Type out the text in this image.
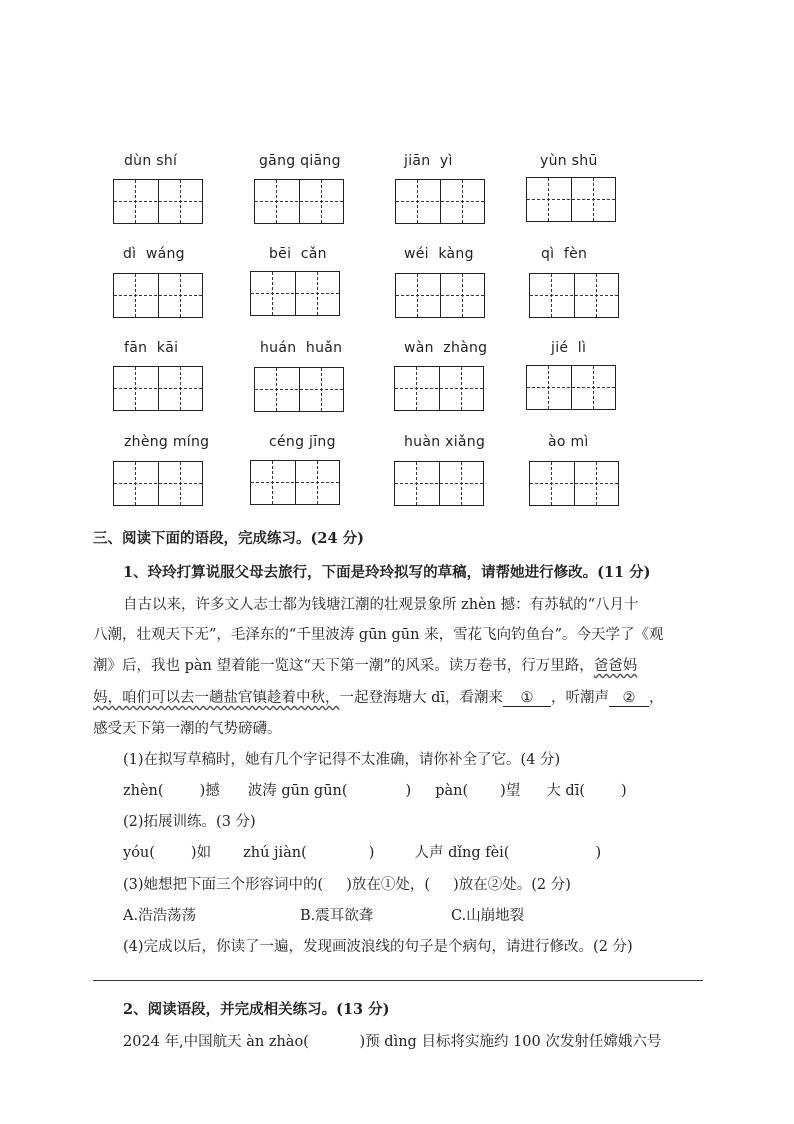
dùn shí	gāng qiāng	jiān  yì	yùn shū
dì  wáng	bēi  cǎn	wéi  kàng	qì  fèn
fān  kāi	huán  huǎn	wàn  zhàng	jié  lì
zhèng míng	céng jīng	huàn xiǎng	ào mì
三、阅读下面的语段，完成练习。(24 分)
1、玲玲打算说服父母去旅行，下面是玲玲拟写的草稿，请帮她进行修改。(11 分)
自古以来，许多文人志士都为钱塘江潮的壮观景象所 zhèn 撼：有苏轼的“八月十
八潮，壮观天下无”，毛泽东的“千里波涛 gūn gūn 来，雪花飞向钓鱼台”。今天学了《观
潮》后，我也 pàn 望着能一览这“天下第一潮”的风采。读万卷书，行万里路，爸爸妈
妈，咱们可以去一趟盐官镇趁着中秋，一起登海塘大 dī，看潮来 ① ，听潮声 ② ，
感受天下第一潮的气势磅礴。
(1)在拟写草稿时，她有几个字记得不太准确，请你补全了它。(4 分)
zhèn( )撼 波涛 gūn gūn(	) pàn( )望 大 dī( )
(2)拓展训练。(3 分)
yóu( )如 zhú jiàn(	)	人声 dǐng fèi(	)
(3)她想把下面三个形容词中的(     )放在①处，(     )放在②处。(2 分)
A.浩浩荡荡	B.震耳欲聋	C.山崩地裂
(4)完成以后，你读了一遍，发现画波浪线的句子是个病句，请进行修改。(2 分)
2、阅读语段，并完成相关练习。(13 分)
2024 年,中国航天 àn zhào(           )预 dìng 目标将实施约 100 次发射任嫦娥六号
